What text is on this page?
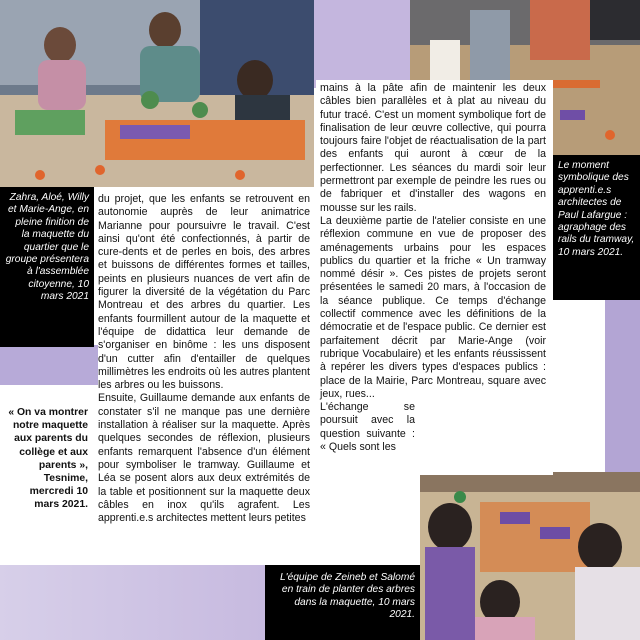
Zahra, Aloé, Willy et Marie-Ange, en pleine finition de la maquette du quartier que le groupe présentera à l'assemblée citoyenne, 10 mars 2021
Le moment symbolique des apprenti.e.s architectes de Paul Lafargue : agraphage des rails du tramway, 10 mars 2021.
L'équipe de Zeineb et Salomé en train de planter des arbres dans la maquette, 10 mars 2021.
« On va montrer notre maquette aux parents du collège et aux parents », Tesnime, mercredi 10 mars 2021.

du projet, que les enfants se retrouvent en autonomie auprès de leur animatrice Marianne pour poursuivre le travail. C'est ainsi qu'ont été confectionnés, à partir de cure-dents et de perles en bois, des arbres et buissons de différentes formes et tailles, peints en plusieurs nuances de vert afin de figurer la diversité de la végétation du Parc Montreau et des arbres du quartier. Les enfants fourmillent autour de la maquette et l'équipe de didattica leur demande de s'organiser en binôme : les uns disposent d'un cutter afin d'entailler de quelques millimètres les endroits où les autres plantent les arbres ou les buissons.

Ensuite, Guillaume demande aux enfants de constater s'il ne manque pas une dernière installation à réaliser sur la maquette. Après quelques secondes de réflexion, plusieurs enfants remarquent l'absence d'un élément pour symboliser le tramway. Guillaume et Léa se posent alors aux deux extrémités de la table et positionnent sur la maquette deux câbles en inox qu'ils agrafent. Les apprenti.e.s architectes mettent leurs petites

mains à la pâte afin de maintenir les deux câbles bien parallèles et à plat au niveau du futur tracé. C'est un moment symbolique fort de finalisation de leur œuvre collective, qui pourra toujours faire l'objet de réactualisation de la part des enfants qui auront à cœur de la perfectionner. Les séances du mardi soir leur permettront par exemple de peindre les rues ou de fabriquer et d'installer des wagons en mousse sur les rails.

La deuxième partie de l'atelier consiste en une réflexion commune en vue de proposer des aménagements urbains pour les espaces publics du quartier et la friche « Un tramway nommé désir ». Ces pistes de projets seront présentées le samedi 20 mars, à l'occasion de la séance publique. Ce temps d'échange collectif commence avec les définitions de la démocratie et de l'espace public. Ce dernier est parfaitement décrit par Marie-Ange (voir rubrique Vocabulaire) et les enfants réussissent à repérer les divers types d'espaces publics : place de la Mairie, Parc Montreau, square avec jeux, rues...

L'échange se poursuit avec la question suivante : « Quels sont les
